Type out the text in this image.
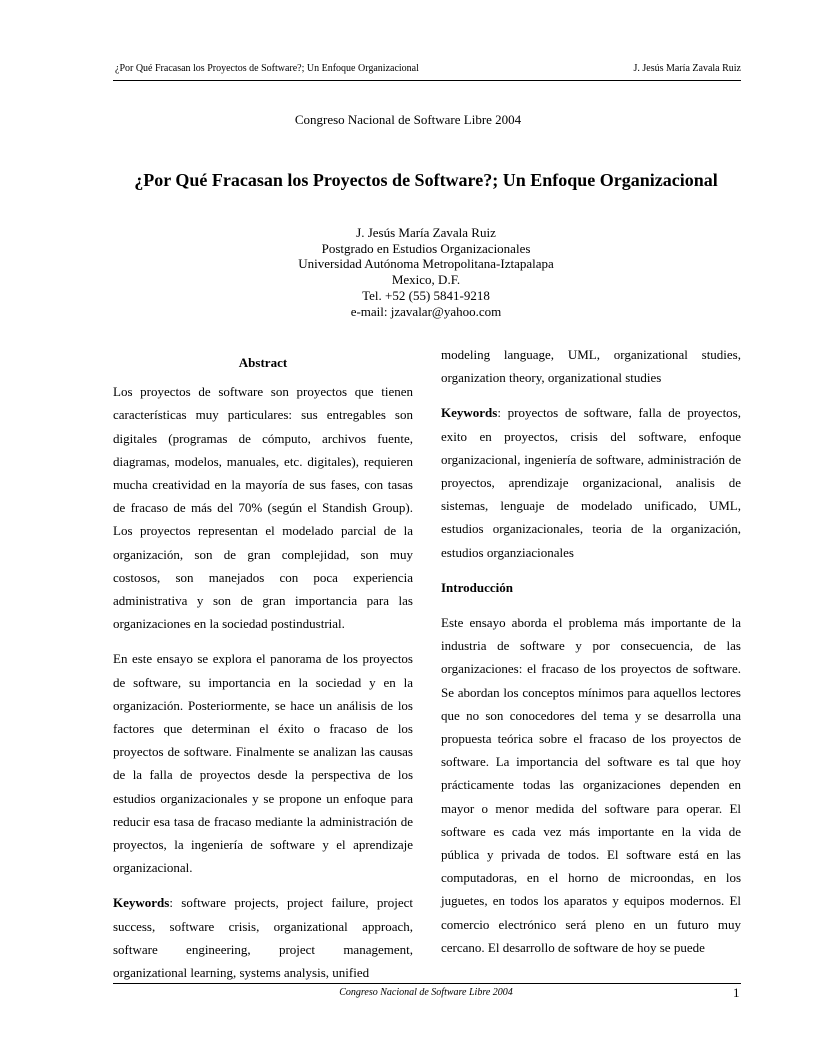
¿Por Qué Fracasan los Proyectos de Software?; Un Enfoque Organizacional	J. Jesús María Zavala Ruiz
Congreso Nacional de Software Libre 2004
¿Por Qué Fracasan los Proyectos de Software?; Un Enfoque Organizacional
J. Jesús María Zavala Ruiz
Postgrado en Estudios Organizacionales
Universidad Autónoma Metropolitana-Iztapalapa
Mexico, D.F.
Tel. +52 (55) 5841-9218
e-mail: jzavalar@yahoo.com
Abstract

Los proyectos de software son proyectos que tienen características muy particulares: sus entregables son digitales (programas de cómputo, archivos fuente, diagramas, modelos, manuales, etc. digitales), requieren mucha creatividad en la mayoría de sus fases, con tasas de fracaso de más del 70% (según el Standish Group). Los proyectos representan el modelado parcial de la organización, son de gran complejidad, son muy costosos, son manejados con poca experiencia administrativa y son de gran importancia para las organizaciones en la sociedad postindustrial.

En este ensayo se explora el panorama de los proyectos de software, su importancia en la sociedad y en la organización. Posteriormente, se hace un análisis de los factores que determinan el éxito o fracaso de los proyectos de software. Finalmente se analizan las causas de la falla de proyectos desde la perspectiva de los estudios organizacionales y se propone un enfoque para reducir esa tasa de fracaso mediante la administración de proyectos, la ingeniería de software y el aprendizaje organizacional.

Keywords: software projects, project failure, project success, software crisis, organizational approach, software engineering, project management, organizational learning, systems analysis, unified

modeling language, UML, organizational studies, organization theory, organizational studies

Keywords: proyectos de software, falla de proyectos, exito en proyectos, crisis del software, enfoque organizacional, ingeniería de software, administración de proyectos, aprendizaje organizacional, analisis de sistemas, lenguaje de modelado unificado, UML, estudios organizacionales, teoria de la organización, estudios organziacionales

Introducción

Este ensayo aborda el problema más importante de la industria de software y por consecuencia, de las organizaciones: el fracaso de los proyectos de software. Se abordan los conceptos mínimos para aquellos lectores que no son conocedores del tema y se desarrolla una propuesta teórica sobre el fracaso de los proyectos de software. La importancia del software es tal que hoy prácticamente todas las organizaciones dependen en mayor o menor medida del software para operar. El software es cada vez más importante en la vida de pública y privada de todos. El software está en las computadoras, en el horno de microondas, en los juguetes, en todos los aparatos y equipos modernos. El comercio electrónico será pleno en un futuro muy cercano. El desarrollo de software de hoy se puede

Congreso Nacional de Software Libre 2004	1
